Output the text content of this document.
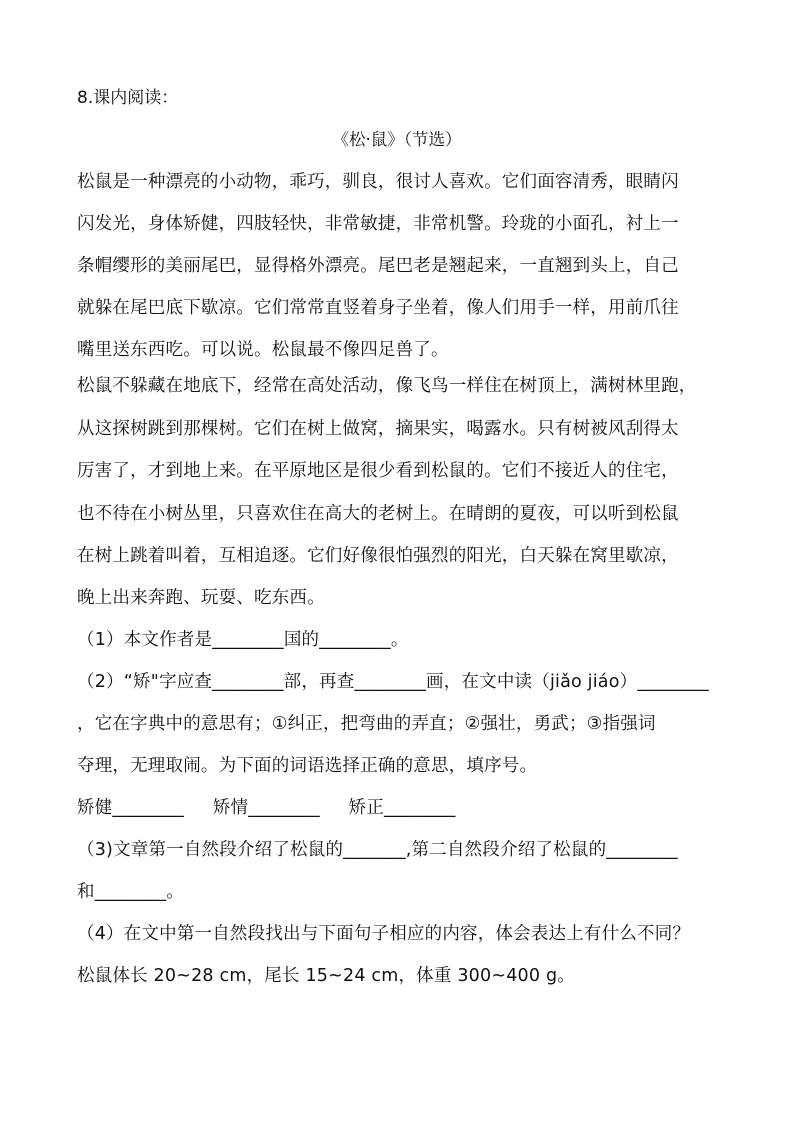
8.课内阅读：
《松·鼠》（节选）
松鼠是一种漂亮的小动物，乖巧，驯良，很讨人喜欢。它们面容清秀，眼睛闪
闪发光，身体矫健，四肢轻快，非常敏捷，非常机警。玲珑的小面孔，衬上一
条帽缨形的美丽尾巴，显得格外漂亮。尾巴老是翘起来，一直翘到头上，自己
就躲在尾巴底下歇凉。它们常常直竖着身子坐着，像人们用手一样，用前爪往
嘴里送东西吃。可以说。松鼠最不像四足兽了。
松鼠不躲藏在地底下，经常在高处活动，像飞鸟一样住在树顶上，满树林里跑，
从这探树跳到那棵树。它们在树上做窝，摘果实，喝露水。只有树被风刮得太
厉害了，才到地上来。在平原地区是很少看到松鼠的。它们不接近人的住宅，
也不待在小树丛里，只喜欢住在高大的老树上。在晴朗的夏夜，可以听到松鼠
在树上跳着叫着，互相追逐。它们好像很怕强烈的阳光，白天躲在窝里歇凉，
晚上出来奔跑、玩耍、吃东西。
（1）本文作者是________国的________。
（2）“矫"字应查________部，再查________画，在文中读（jiǎo jiáo）________
，它在字典中的意思有；①纠正，把弯曲的弄直；②强壮，勇武；③指强词
夺理，无理取闹。为下面的词语选择正确的意思，填序号。
矫健________     矫情________     矫正________
（3)文章第一自然段介绍了松鼠的_______,第二自然段介绍了松鼠的________
和________。
（4）在文中第一自然段找出与下面句子相应的内容，体会表达上有什么不同？
松鼠体长 20~28 cm，尾长 15~24 cm，体重 300~400 g。
